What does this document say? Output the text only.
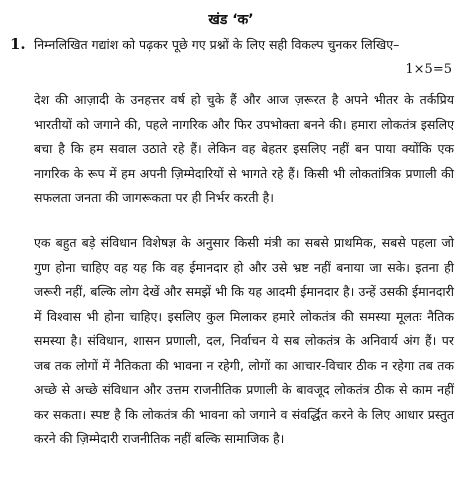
खंड ‘क’
1. निम्नलिखित गद्यांश को पढ़कर पूछे गए प्रश्नों के लिए सही विकल्प चुनकर लिखिए–
1×5=5

देश की आज़ादी के उनहत्तर वर्ष हो चुके हैं और आज ज़रूरत है अपने भीतर के तर्कप्रिय भारतीयों को जगाने की, पहले नागरिक और फिर उपभोक्ता बनने की। हमारा लोकतंत्र इसलिए बचा है कि हम सवाल उठाते रहे हैं। लेकिन वह बेहतर इसलिए नहीं बन पाया क्योंकि एक नागरिक के रूप में हम अपनी ज़िम्मेदारियों से भागते रहे हैं। किसी भी लोकतांत्रिक प्रणाली की सफलता जनता की जागरूकता पर ही निर्भर करती है।

एक बहुत बड़े संविधान विशेषज्ञ के अनुसार किसी मंत्री का सबसे प्राथमिक, सबसे पहला जो गुण होना चाहिए वह यह कि वह ईमानदार हो और उसे भ्रष्ट नहीं बनाया जा सके। इतना ही जरूरी नहीं, बल्कि लोग देखें और समझें भी कि यह आदमी ईमानदार है। उन्हें उसकी ईमानदारी में विश्वास भी होना चाहिए। इसलिए कुल मिलाकर हमारे लोकतंत्र की समस्या मूलतः नैतिक समस्या है। संविधान, शासन प्रणाली, दल, निर्वाचन ये सब लोकतंत्र के अनिवार्य अंग हैं। पर जब तक लोगों में नैतिकता की भावना न रहेगी, लोगों का आचार-विचार ठीक न रहेगा तब तक अच्छे से अच्छे संविधान और उत्तम राजनीतिक प्रणाली के बावजूद लोकतंत्र ठीक से काम नहीं कर सकता। स्पष्ट है कि लोकतंत्र की भावना को जगाने व संवर्द्धित करने के लिए आधार प्रस्तुत करने की ज़िम्मेदारी राजनीतिक नहीं बल्कि सामाजिक है।
